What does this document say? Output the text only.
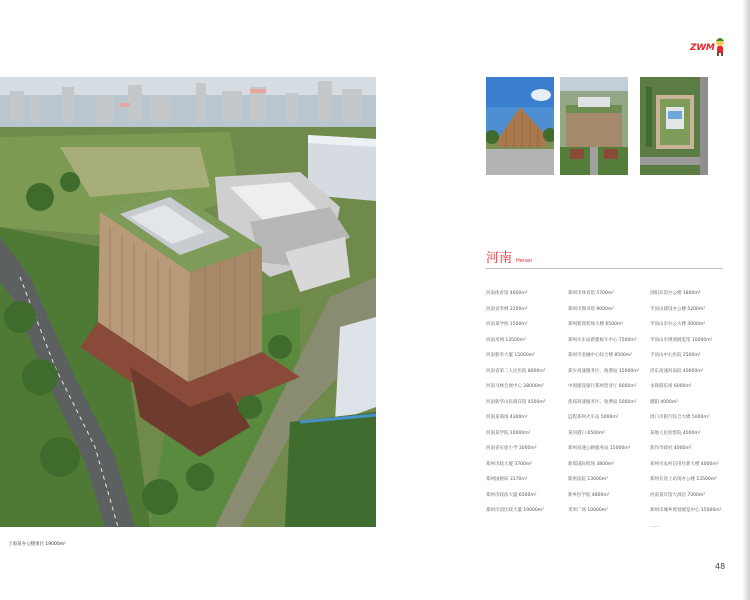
上海某办公楼项目 19000m²
ZWM
河南 Henan
河南体育馆 4600m²
河南省米网 2200m²
河南某学校 1500m²
河南米网 13500m²
河南新米大厦 15000m²
河南省第二人民医院 8000m²
河南马林会展中心 28000m²
河南新华山民商宾馆 4500m²
河南某商场 4300m²
河南某学院 10000m²
河南省实验小学 3000m²
郑州市政大厦 3700m²
郑州国税局 3170m²
郑州市政法大厦 6500m²
郑州市园区政大厦 19000m²
郑州市体育馆 5700m²
郑州市图书馆 9000m²
郑州新郑机场大楼 6500m²
郑州火车站新建候车中心 7500m²
郑州市金融中心综合楼 8500m²
郑少高速服务区、收费站 15000m²
中国建设银行郑州营业厅 8000m²
焦郑高速服务区、收费站 5000m²
远程郑州火车站 5000m²
某河港口 6500m²
郑州高速公路服务站 15000m²
新郑国际机场 3800m²
新密法院 13000m²
新乡医学院 4800m²
米米广场 10000m²
洛阳宾馆办公楼 1800m²
平顶山建设办公楼 5200m²
平顶山市办公大楼 4000m²
平顶山市规划展览馆 10000m²
平顶山中心医院 2500m²
济东高速河南段 40000m²
永锋游乐场 6000m²
濮阳 4000m²
周口市银行综合大楼 5000m²
某地人民检察院 4000m²
焦作市政府 4000m²
邓州市农村信用社新大楼 4000m²
郑州长途上站场办公楼 13500m²
河南某宾馆大酒店 7000m²
郑州市城乡规划展览中心 15000m²
……
48
